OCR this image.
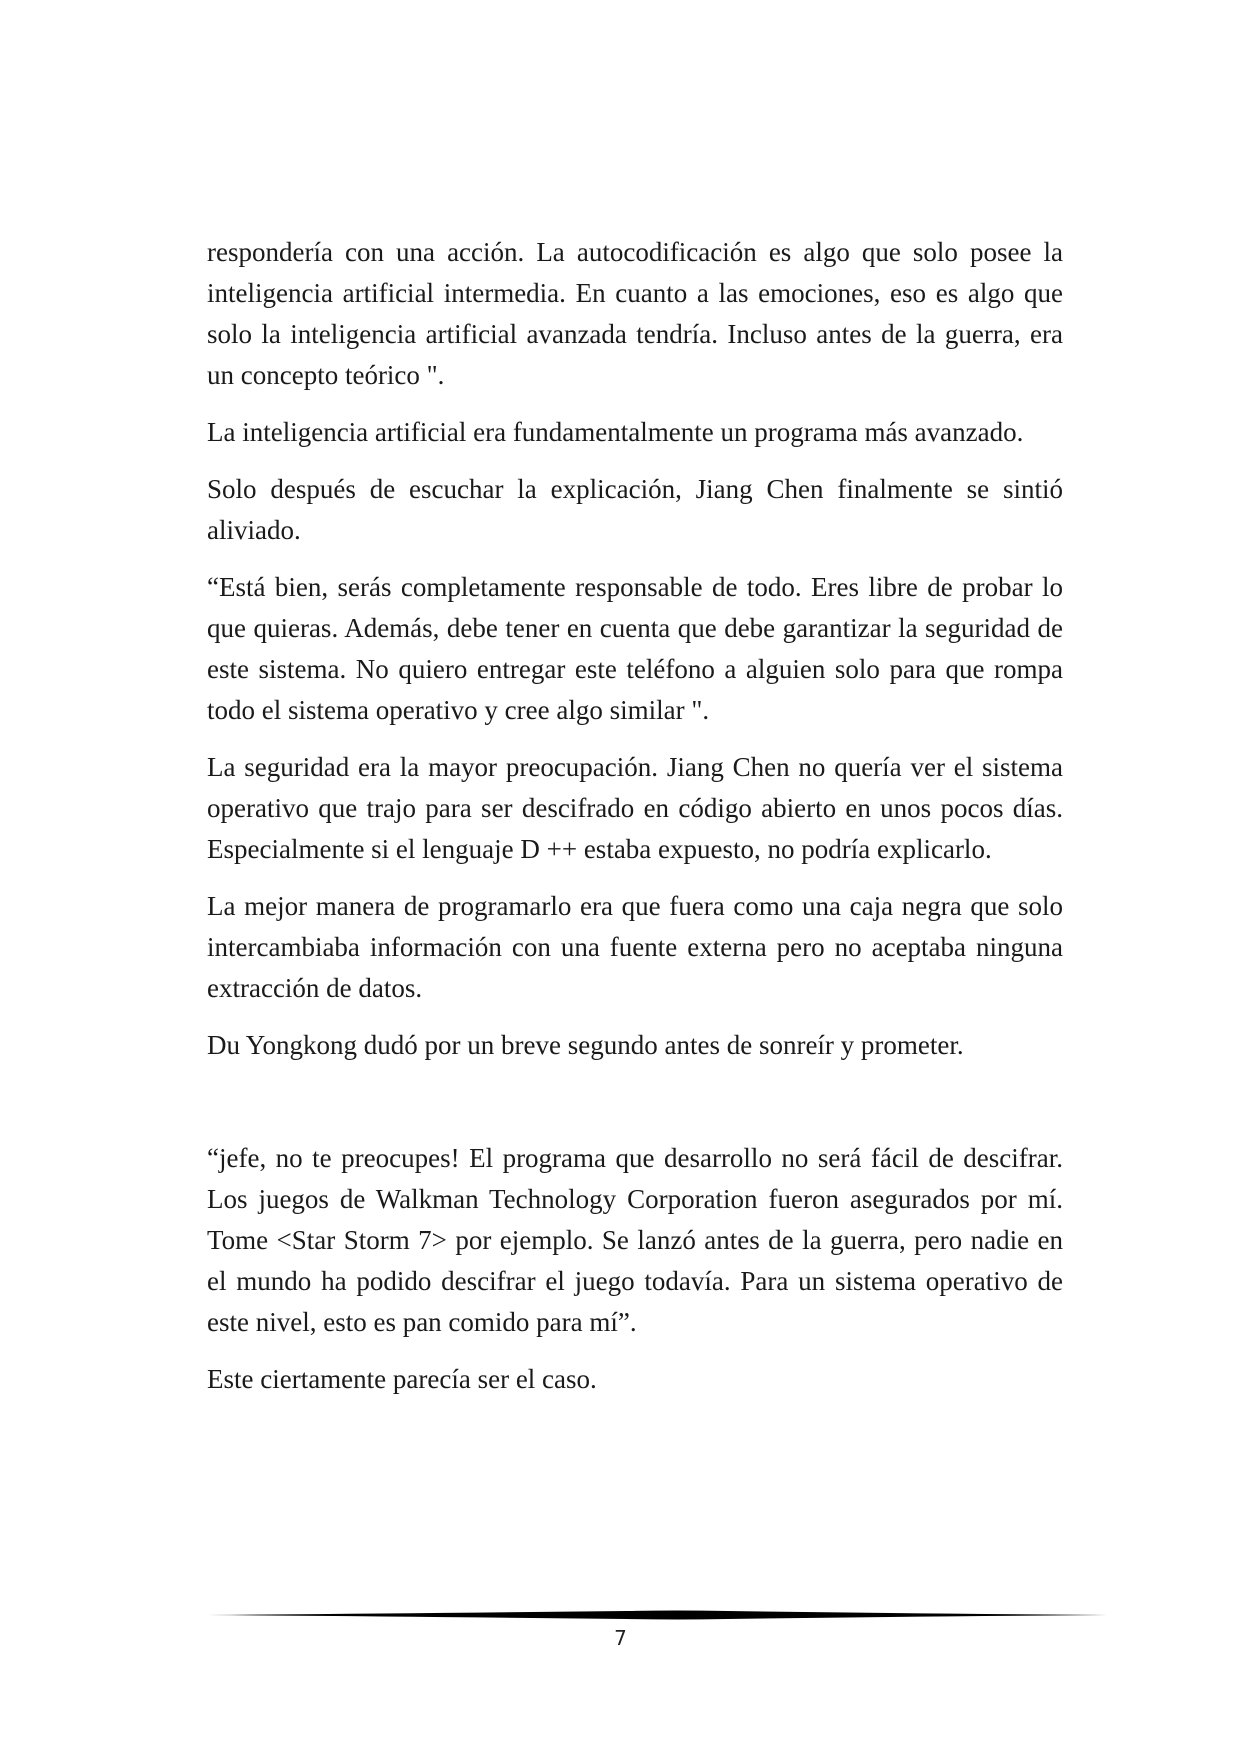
respondería con una acción. La autocodificación es algo que solo posee la inteligencia artificial intermedia. En cuanto a las emociones, eso es algo que solo la inteligencia artificial avanzada tendría. Incluso antes de la guerra, era un concepto teórico ".

La inteligencia artificial era fundamentalmente un programa más avanzado.

Solo después de escuchar la explicación, Jiang Chen finalmente se sintió aliviado.

“Está bien, serás completamente responsable de todo. Eres libre de probar lo que quieras. Además, debe tener en cuenta que debe garantizar la seguridad de este sistema. No quiero entregar este teléfono a alguien solo para que rompa todo el sistema operativo y cree algo similar ".

La seguridad era la mayor preocupación. Jiang Chen no quería ver el sistema operativo que trajo para ser descifrado en código abierto en unos pocos días. Especialmente si el lenguaje D ++ estaba expuesto, no podría explicarlo.

La mejor manera de programarlo era que fuera como una caja negra que solo intercambiaba información con una fuente externa pero no aceptaba ninguna extracción de datos.

Du Yongkong dudó por un breve segundo antes de sonreír y prometer.

“jefe, no te preocupes! El programa que desarrollo no será fácil de descifrar. Los juegos de Walkman Technology Corporation fueron asegurados por mí. Tome <Star Storm 7> por ejemplo. Se lanzó antes de la guerra, pero nadie en el mundo ha podido descifrar el juego todavía. Para un sistema operativo de este nivel, esto es pan comido para mí”.

Este ciertamente parecía ser el caso.

7
